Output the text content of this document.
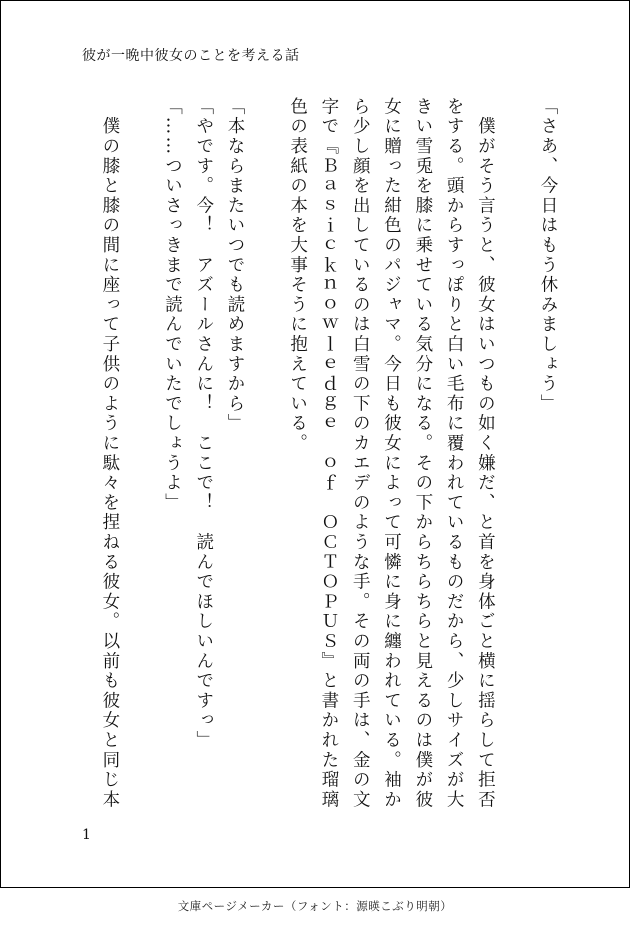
彼が一晩中彼女のことを考える話
「さあ、今日はもう休みましょう」
　僕がそう言うと、彼女はいつもの如く嫌だ、と首を身体ごと横に揺らして拒否
をする。頭からすっぽりと白い毛布に覆われているものだから、少しサイズが大
きい雪兎を膝に乗せている気分になる。その下からちらちらと見えるのは僕が彼
女に贈った紺色のパジャマ。今日も彼女によって可憐に身に纏われている。袖か
ら少し顔を出しているのは白雪の下のカエデのような手。その両の手は、金の文
字で『Ｂａｓｉｃｋｎｏｗｌｅｄｇｅ　ｏｆ　ＯＣＴＯＰＵＳ』と書かれた瑠璃
色の表紙の本を大事そうに抱えている。
「本ならまたいつでも読めますから」
「やです。今！　アズールさんに！　ここで！　読んでほしいんですっ」
「……ついさっきまで読んでいたでしょうよ」
　僕の膝と膝の間に座って子供のように駄々を捏ねる彼女。以前も彼女と同じ本
1
文庫ページメーカー（フォント：源暎こぶり明朝）
